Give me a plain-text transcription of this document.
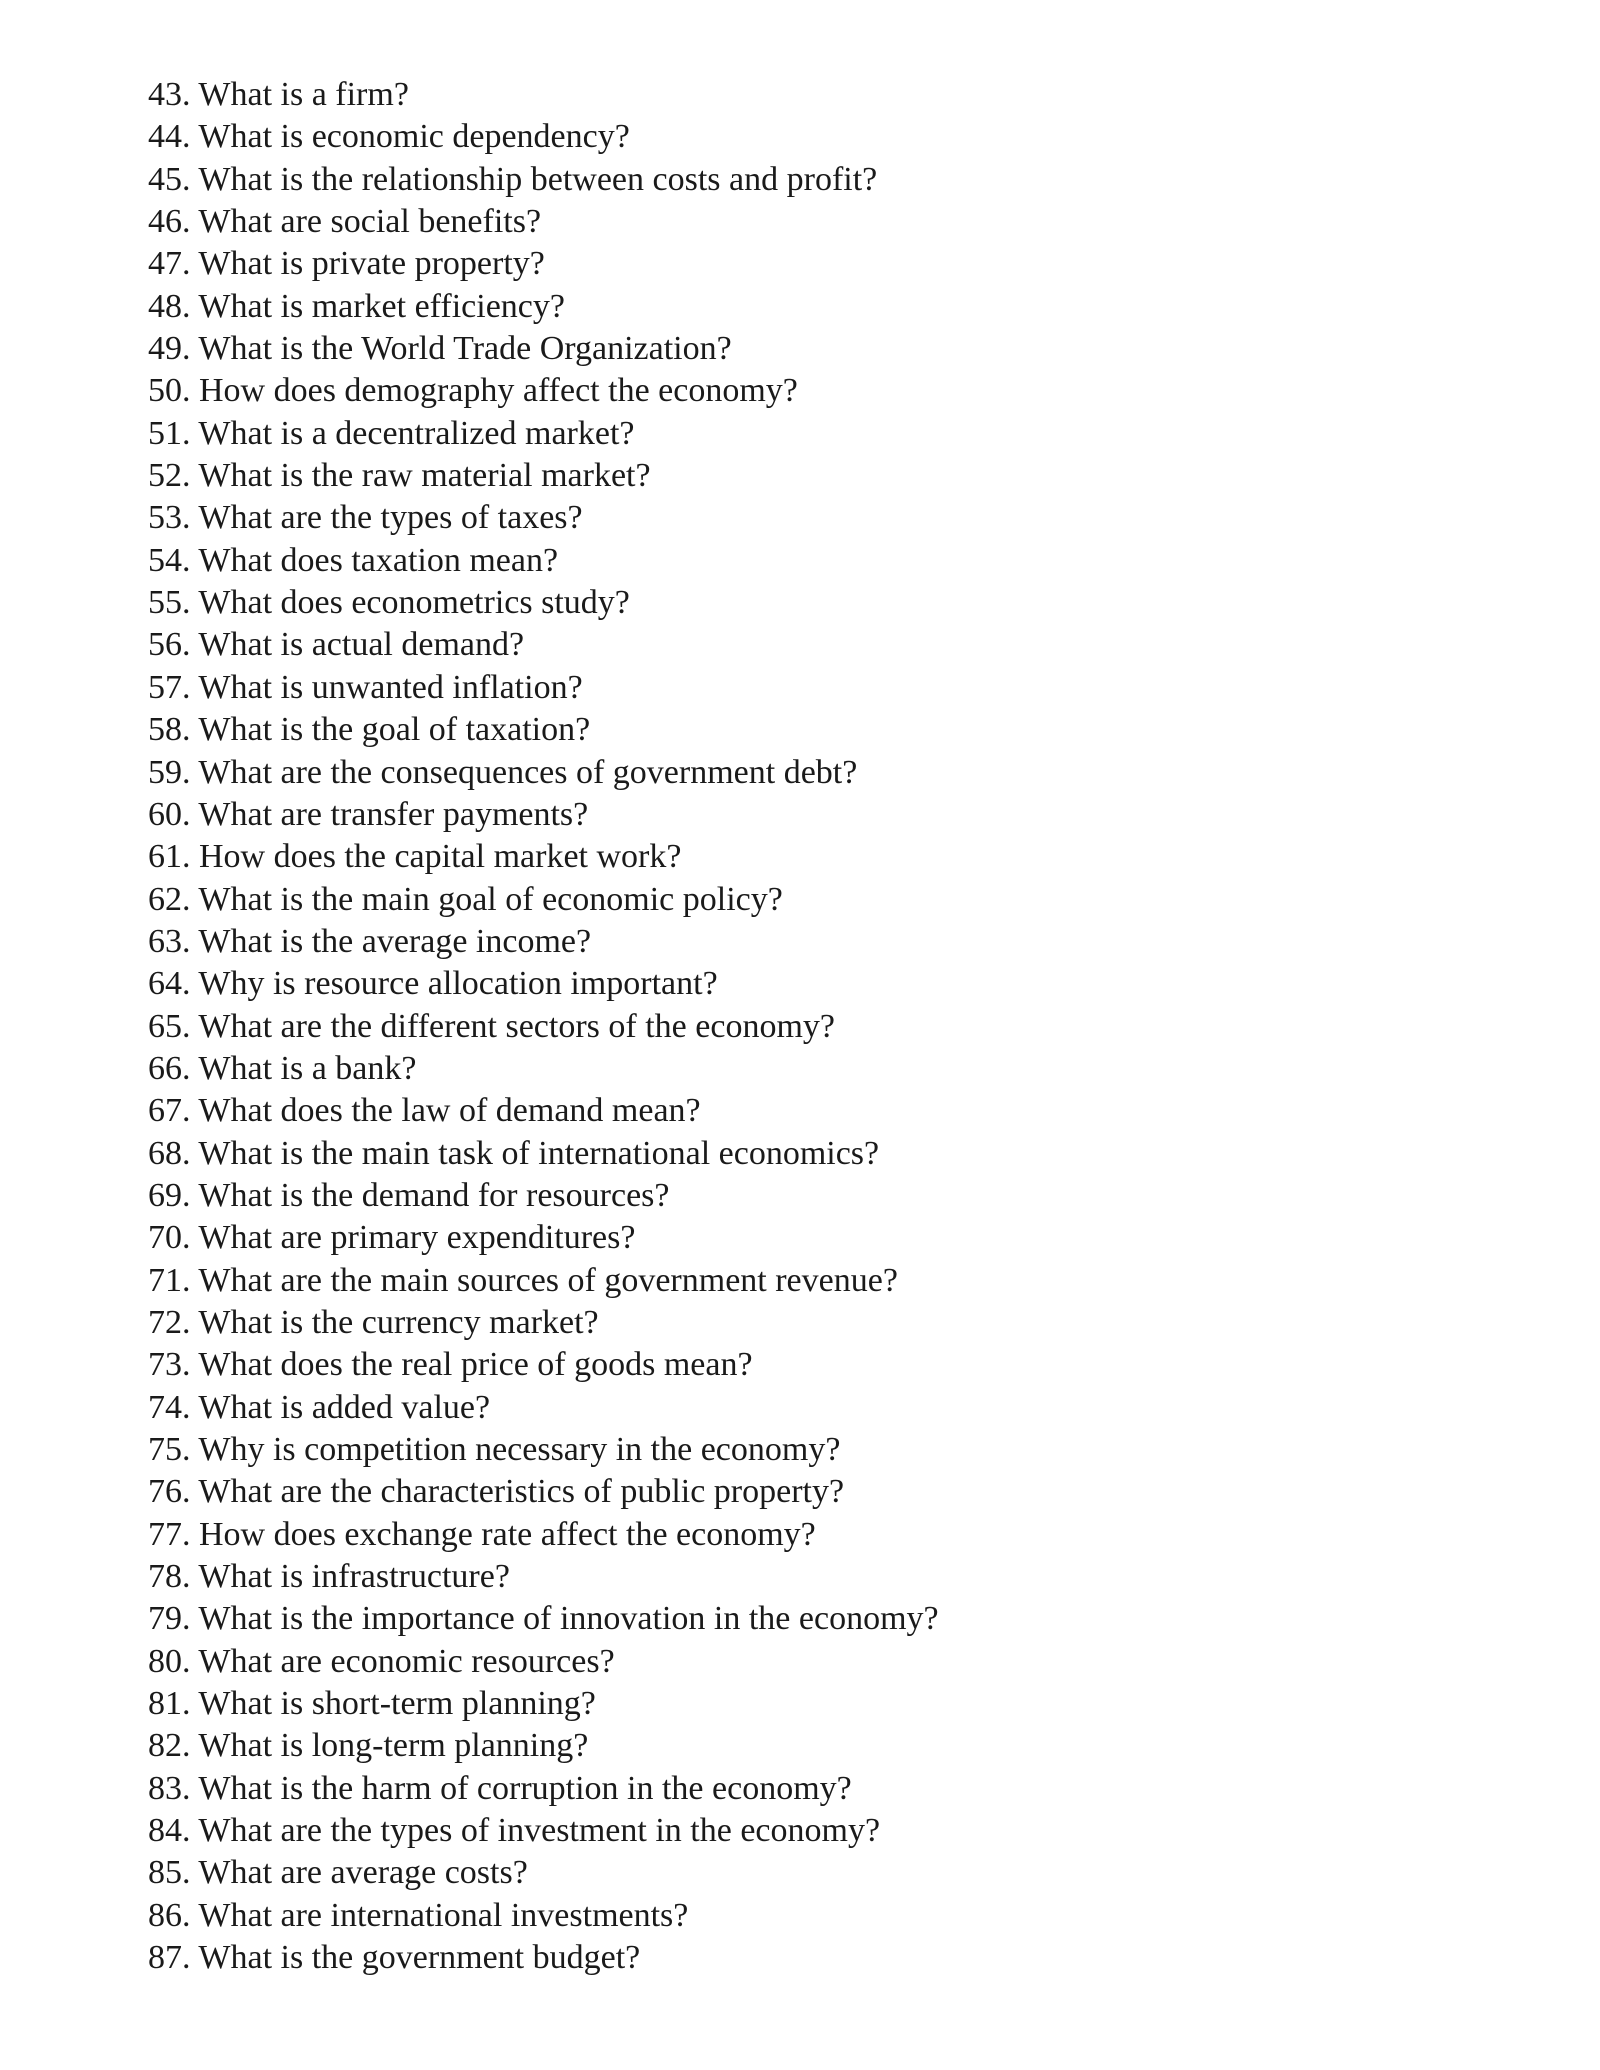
43. What is a firm?
44. What is economic dependency?
45. What is the relationship between costs and profit?
46. What are social benefits?
47. What is private property?
48. What is market efficiency?
49. What is the World Trade Organization?
50. How does demography affect the economy?
51. What is a decentralized market?
52. What is the raw material market?
53. What are the types of taxes?
54. What does taxation mean?
55. What does econometrics study?
56. What is actual demand?
57. What is unwanted inflation?
58. What is the goal of taxation?
59. What are the consequences of government debt?
60. What are transfer payments?
61. How does the capital market work?
62. What is the main goal of economic policy?
63. What is the average income?
64. Why is resource allocation important?
65. What are the different sectors of the economy?
66. What is a bank?
67. What does the law of demand mean?
68. What is the main task of international economics?
69. What is the demand for resources?
70. What are primary expenditures?
71. What are the main sources of government revenue?
72. What is the currency market?
73. What does the real price of goods mean?
74. What is added value?
75. Why is competition necessary in the economy?
76. What are the characteristics of public property?
77. How does exchange rate affect the economy?
78. What is infrastructure?
79. What is the importance of innovation in the economy?
80. What are economic resources?
81. What is short-term planning?
82. What is long-term planning?
83. What is the harm of corruption in the economy?
84. What are the types of investment in the economy?
85. What are average costs?
86. What are international investments?
87. What is the government budget?
